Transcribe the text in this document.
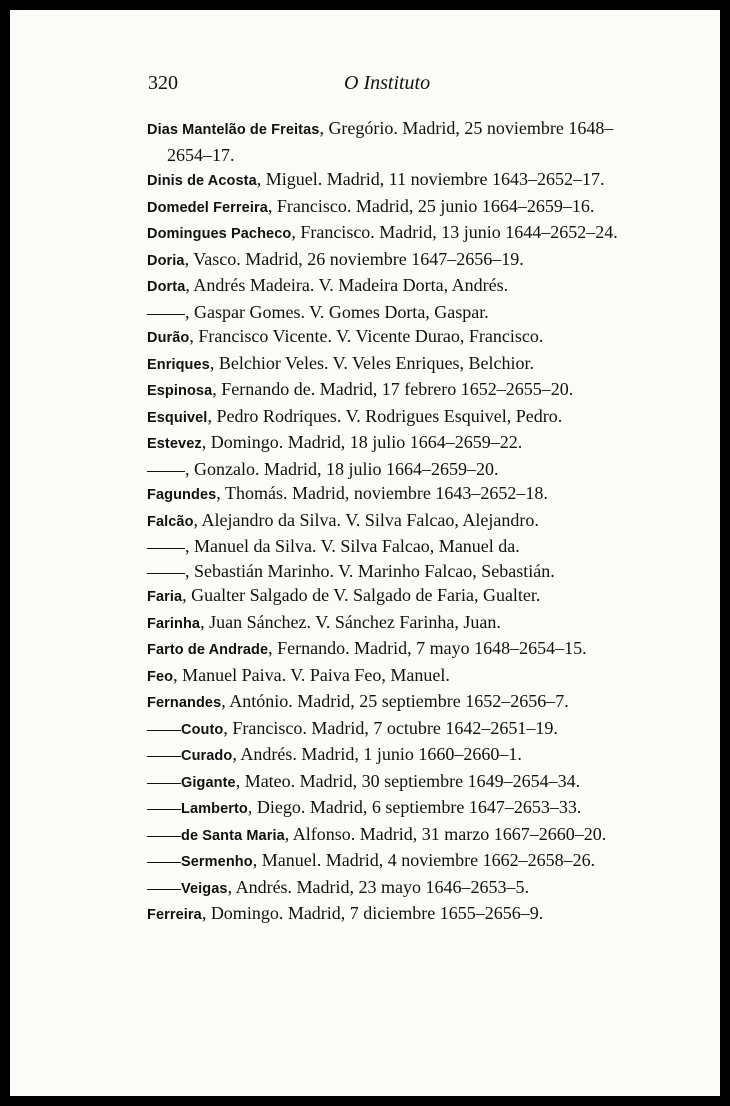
320	O Instituto
Dias Mantelão de Freitas, Gregório. Madrid, 25 noviembre 1648–2654–17.
Dinis de Acosta, Miguel. Madrid, 11 noviembre 1643–2652–17.
Domedel Ferreira, Francisco. Madrid, 25 junio 1664–2659–16.
Domingues Pacheco, Francisco. Madrid, 13 junio 1644–2652–24.
Doria, Vasco. Madrid, 26 noviembre 1647–2656–19.
Dorta, Andrés Madeira. V. Madeira Dorta, Andrés.
, Gaspar Gomes. V. Gomes Dorta, Gaspar.
Durão, Francisco Vicente. V. Vicente Durao, Francisco.
Enriques, Belchior Veles. V. Veles Enriques, Belchior.
Espinosa, Fernando de. Madrid, 17 febrero 1652–2655–20.
Esquivel, Pedro Rodriques. V. Rodrigues Esquivel, Pedro.
Estevez, Domingo. Madrid, 18 julio 1664–2659–22.
, Gonzalo. Madrid, 18 julio 1664–2659–20.
Fagundes, Thomás. Madrid, noviembre 1643–2652–18.
Falcão, Alejandro da Silva. V. Silva Falcao, Alejandro.
, Manuel da Silva. V. Silva Falcao, Manuel da.
, Sebastián Marinho. V. Marinho Falcao, Sebastián.
Faria, Gualter Salgado de V. Salgado de Faria, Gualter.
Farinha, Juan Sánchez. V. Sánchez Farinha, Juan.
Farto de Andrade, Fernando. Madrid, 7 mayo 1648–2654–15.
Feo, Manuel Paiva. V. Paiva Feo, Manuel.
Fernandes, António. Madrid, 25 septiembre 1652–2656–7.
Couto, Francisco. Madrid, 7 octubre 1642–2651–19.
Curado, Andrés. Madrid, 1 junio 1660–2660–1.
Gigante, Mateo. Madrid, 30 septiembre 1649–2654–34.
Lamberto, Diego. Madrid, 6 septiembre 1647–2653–33.
de Santa Maria, Alfonso. Madrid, 31 marzo 1667–2660–20.
Sermenho, Manuel. Madrid, 4 noviembre 1662–2658–26.
Veigas, Andrés. Madrid, 23 mayo 1646–2653–5.
Ferreira, Domingo. Madrid, 7 diciembre 1655–2656–9.
